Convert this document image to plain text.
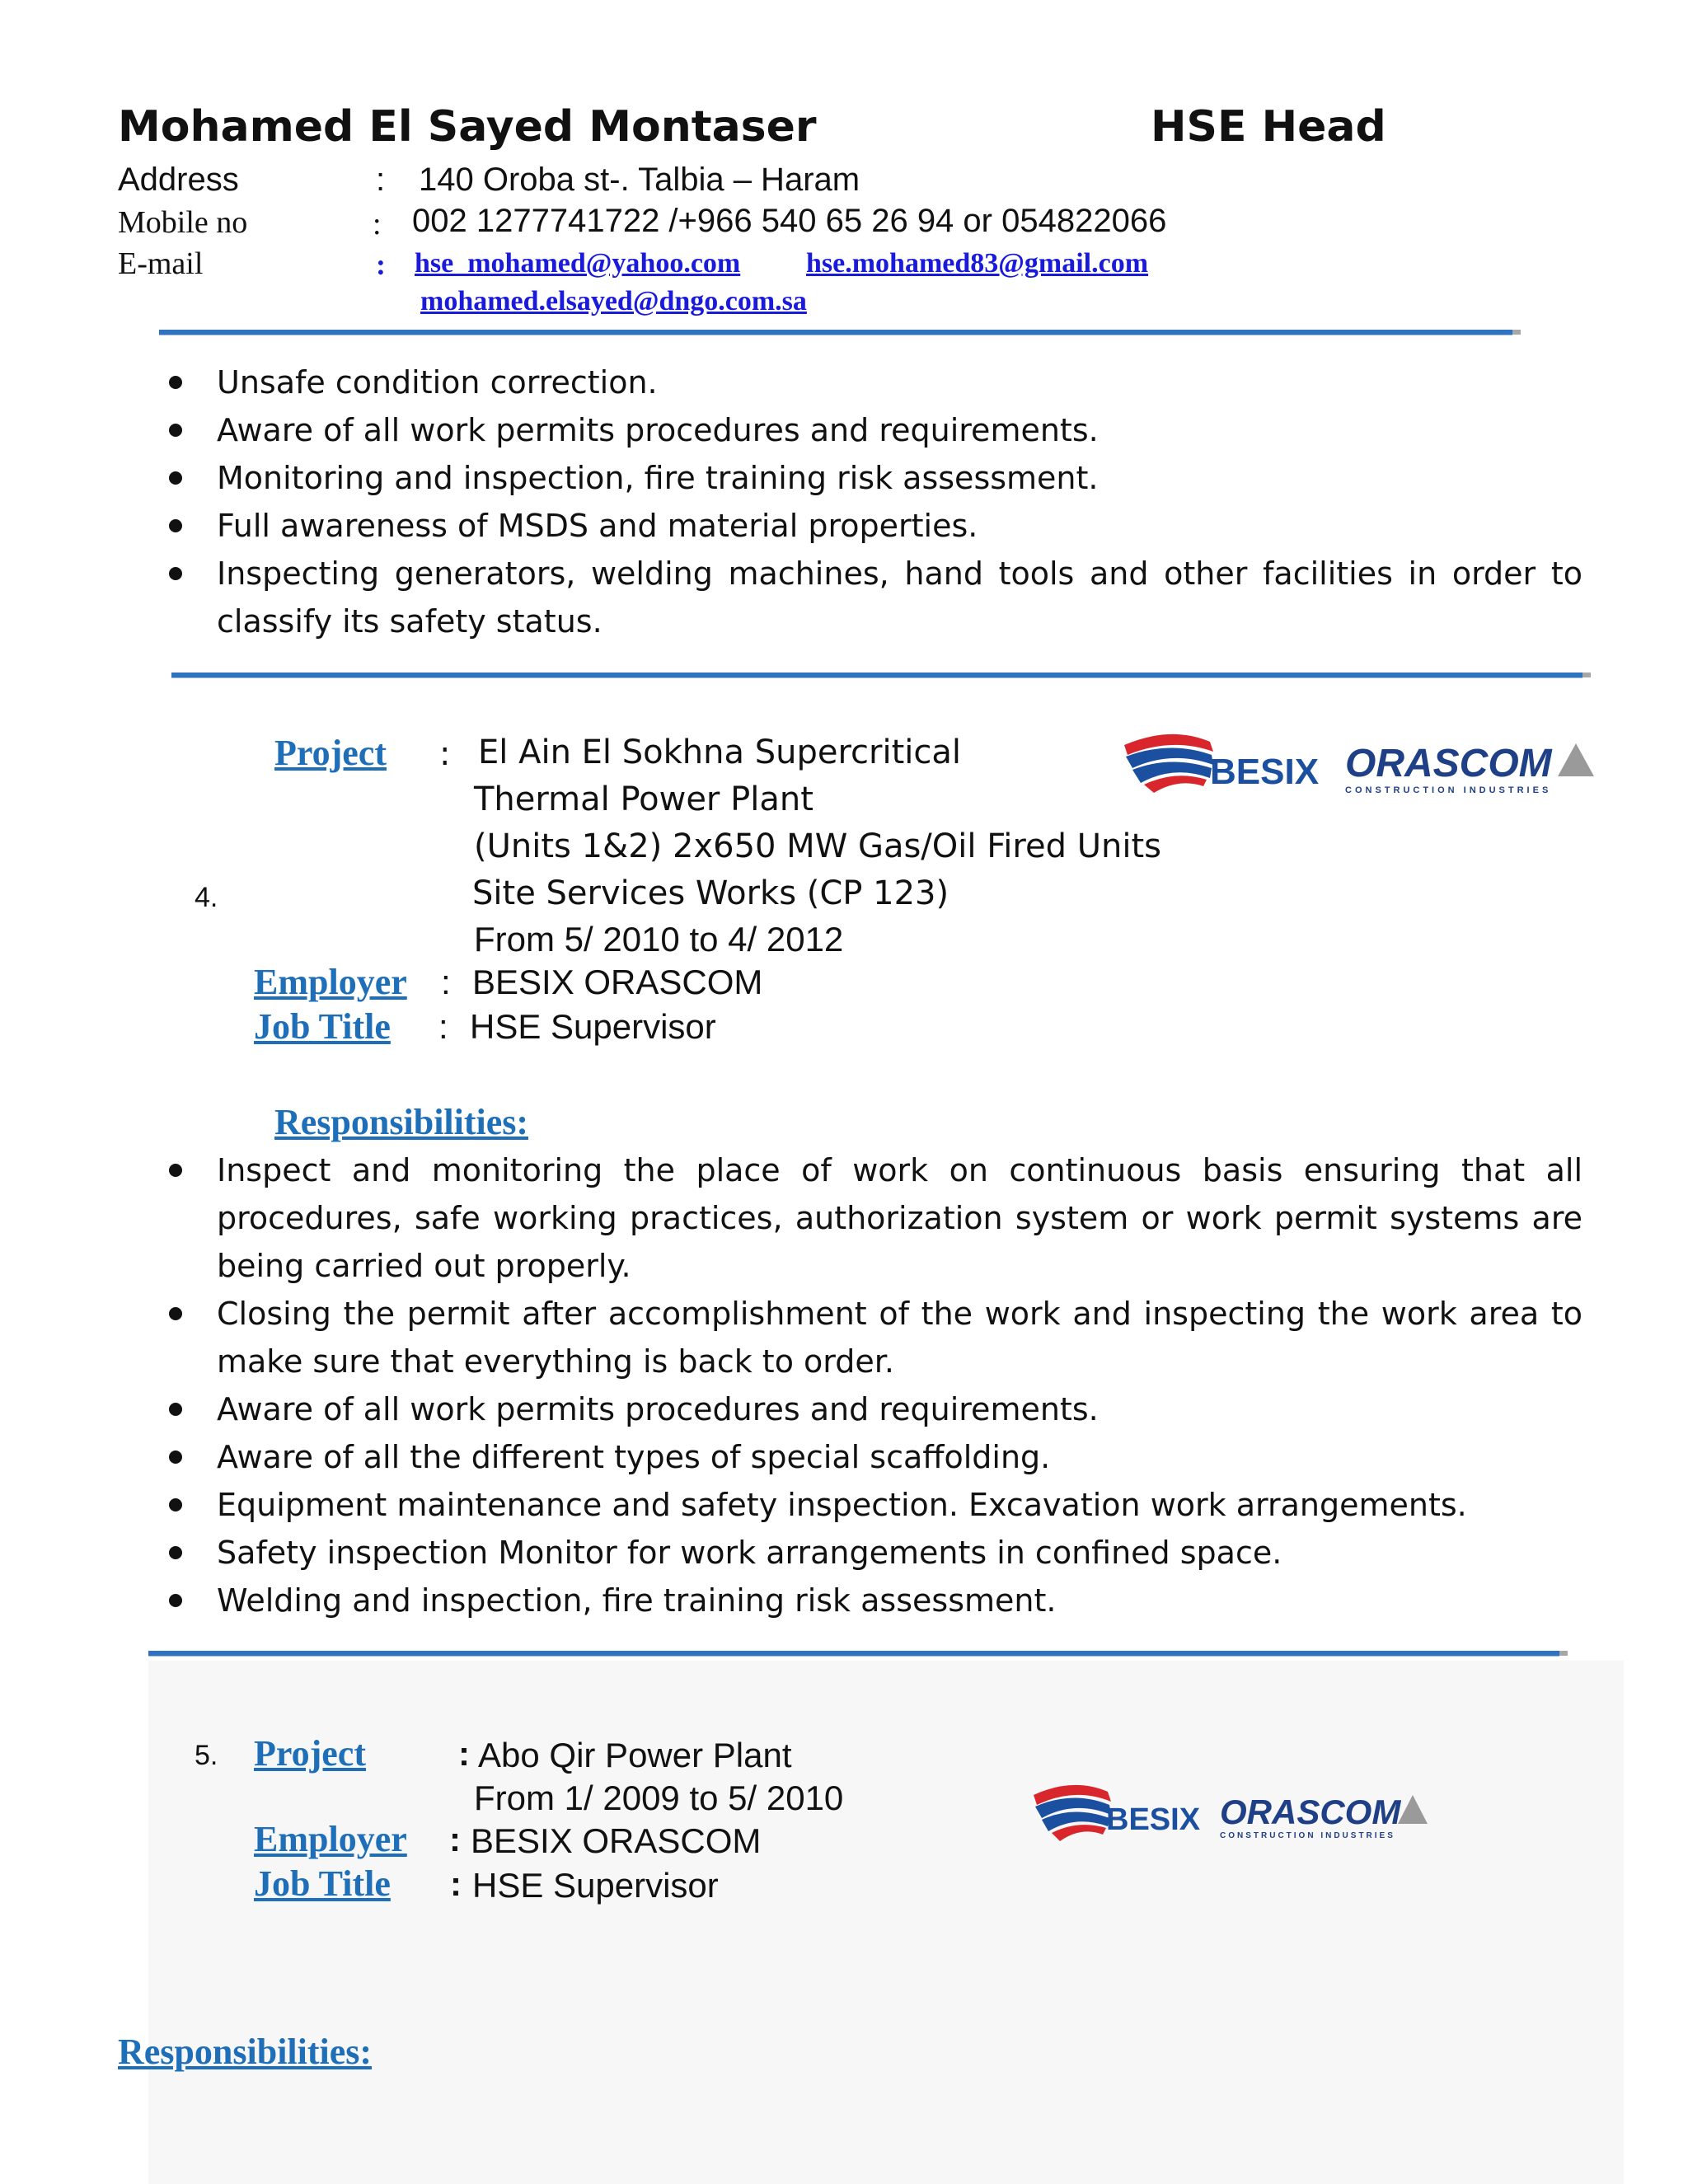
Mohamed El Sayed Montaser	HSE Head
Address	: 140 Oroba st-. Talbia – Haram
Mobile no	: 002 1277741722 /+966 540 65 26 94 or 054822066
E-mail	: hse_mohamed@yahoo.com hse.mohamed83@gmail.com
mohamed.elsayed@dngo.com.sa
Unsafe condition correction.
Aware of all work permits procedures and requirements.
Monitoring and inspection, fire training risk assessment.
Full awareness of MSDS and material properties.
Inspecting generators, welding machines, hand tools and other facilities in order to classify its safety status.
Project : El Ain El Sokhna Supercritical
Thermal Power Plant
(Units 1&2) 2x650 MW Gas/Oil Fired Units
4.	Site Services Works (CP 123)
From 5/ 2010 to 4/ 2012
Employer : BESIX ORASCOM
Job Title : HSE Supervisor
BESIX ORASCOM
CONSTRUCTION INDUSTRIES
Responsibilities:
Inspect and monitoring the place of work on continuous basis ensuring that all procedures, safe working practices, authorization system or work permit systems are being carried out properly.
Closing the permit after accomplishment of the work and inspecting the work area to make sure that everything is back to order.
Aware of all work permits procedures and requirements.
Aware of all the different types of special scaffolding.
Equipment maintenance and safety inspection. Excavation work arrangements.
Safety inspection Monitor for work arrangements in confined space.
Welding and inspection, fire training risk assessment.
5. Project	: Abo Qir Power Plant
From 1/ 2009 to 5/ 2010
Employer : BESIX ORASCOM
Job Title : HSE Supervisor
BESIX ORASCOM
CONSTRUCTION INDUSTRIES
Responsibilities:
